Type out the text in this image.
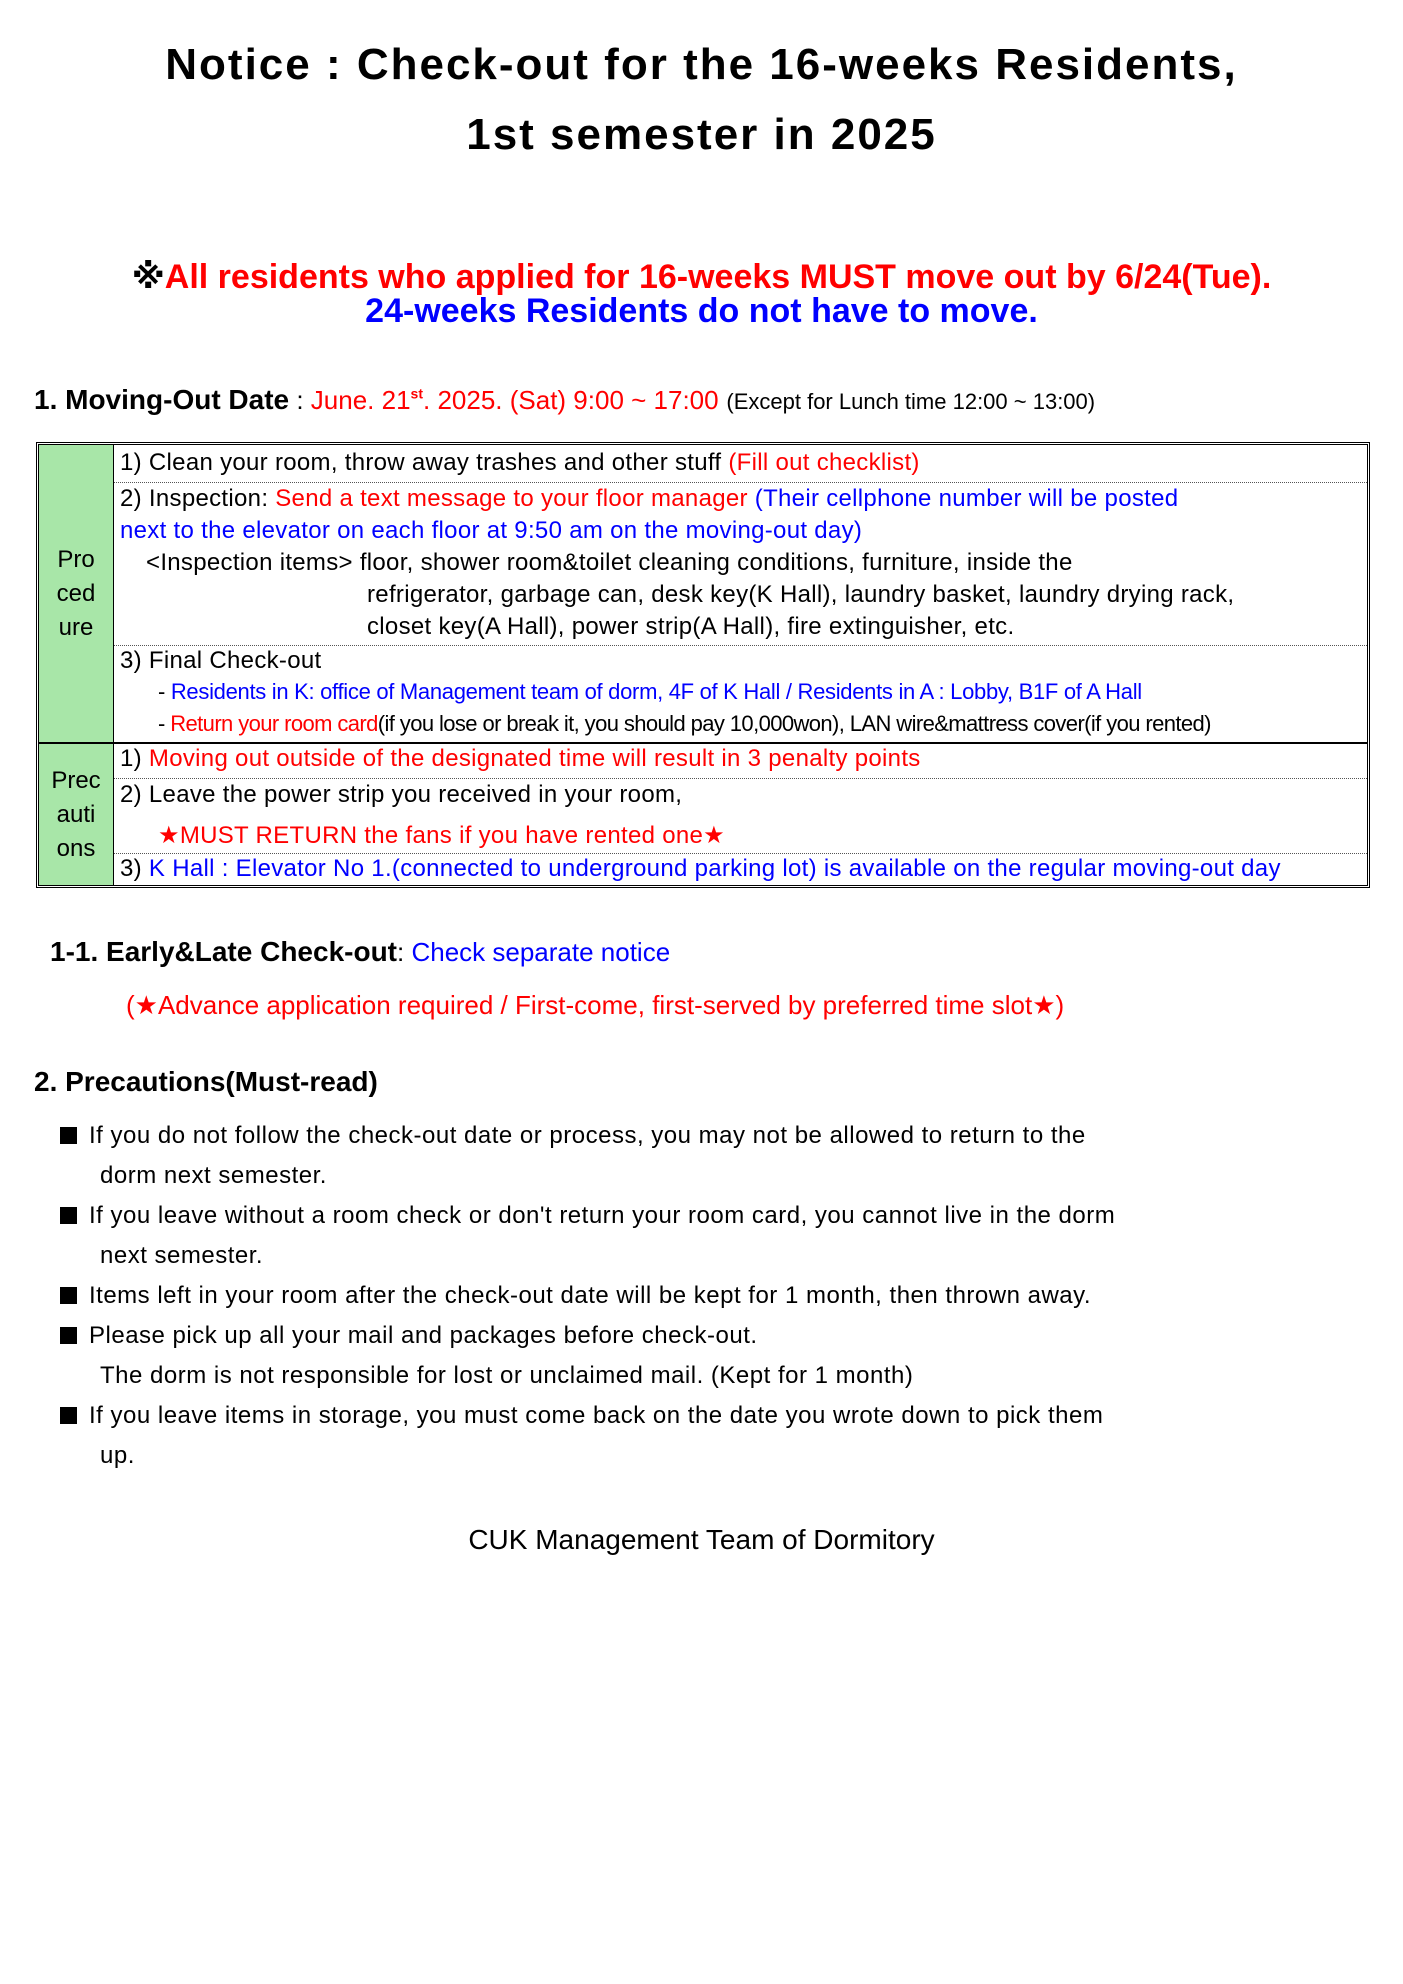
Notice : Check-out for the 16-weeks Residents,
1st semester in 2025
※All residents who applied for 16-weeks MUST move out by 6/24(Tue).
24-weeks Residents do not have to move.
1. Moving-Out Date : June. 21st. 2025. (Sat) 9:00 ~ 17:00 (Except for Lunch time 12:00 ~ 13:00)
Pro
ced
ure
Prec
auti
ons
1) Clean your room, throw away trashes and other stuff (Fill out checklist)
2) Inspection: Send a text message to your floor manager (Their cellphone number will be posted
next to the elevator on each floor at 9:50 am on the moving-out day)
<Inspection items> floor, shower room&toilet cleaning conditions, furniture, inside the
refrigerator, garbage can, desk key(K Hall), laundry basket, laundry drying rack,
closet key(A Hall), power strip(A Hall), fire extinguisher, etc.
3) Final Check-out
- Residents in K: office of Management team of dorm, 4F of K Hall / Residents in A : Lobby, B1F of A Hall
- Return your room card(if you lose or break it, you should pay 10,000won), LAN wire&mattress cover(if you rented)
1) Moving out outside of the designated time will result in 3 penalty points
2) Leave the power strip you received in your room,
★MUST RETURN the fans if you have rented one★
3) K Hall : Elevator No 1.(connected to underground parking lot) is available on the regular moving-out day
1-1. Early&Late Check-out: Check separate notice
(★Advance application required / First-come, first-served by preferred time slot★)
2. Precautions(Must-read)
If you do not follow the check-out date or process, you may not be allowed to return to the
dorm next semester.
If you leave without a room check or don't return your room card, you cannot live in the dorm
next semester.
Items left in your room after the check-out date will be kept for 1 month, then thrown away.
Please pick up all your mail and packages before check-out.
The dorm is not responsible for lost or unclaimed mail. (Kept for 1 month)
If you leave items in storage, you must come back on the date you wrote down to pick them
up.
CUK Management Team of Dormitory
